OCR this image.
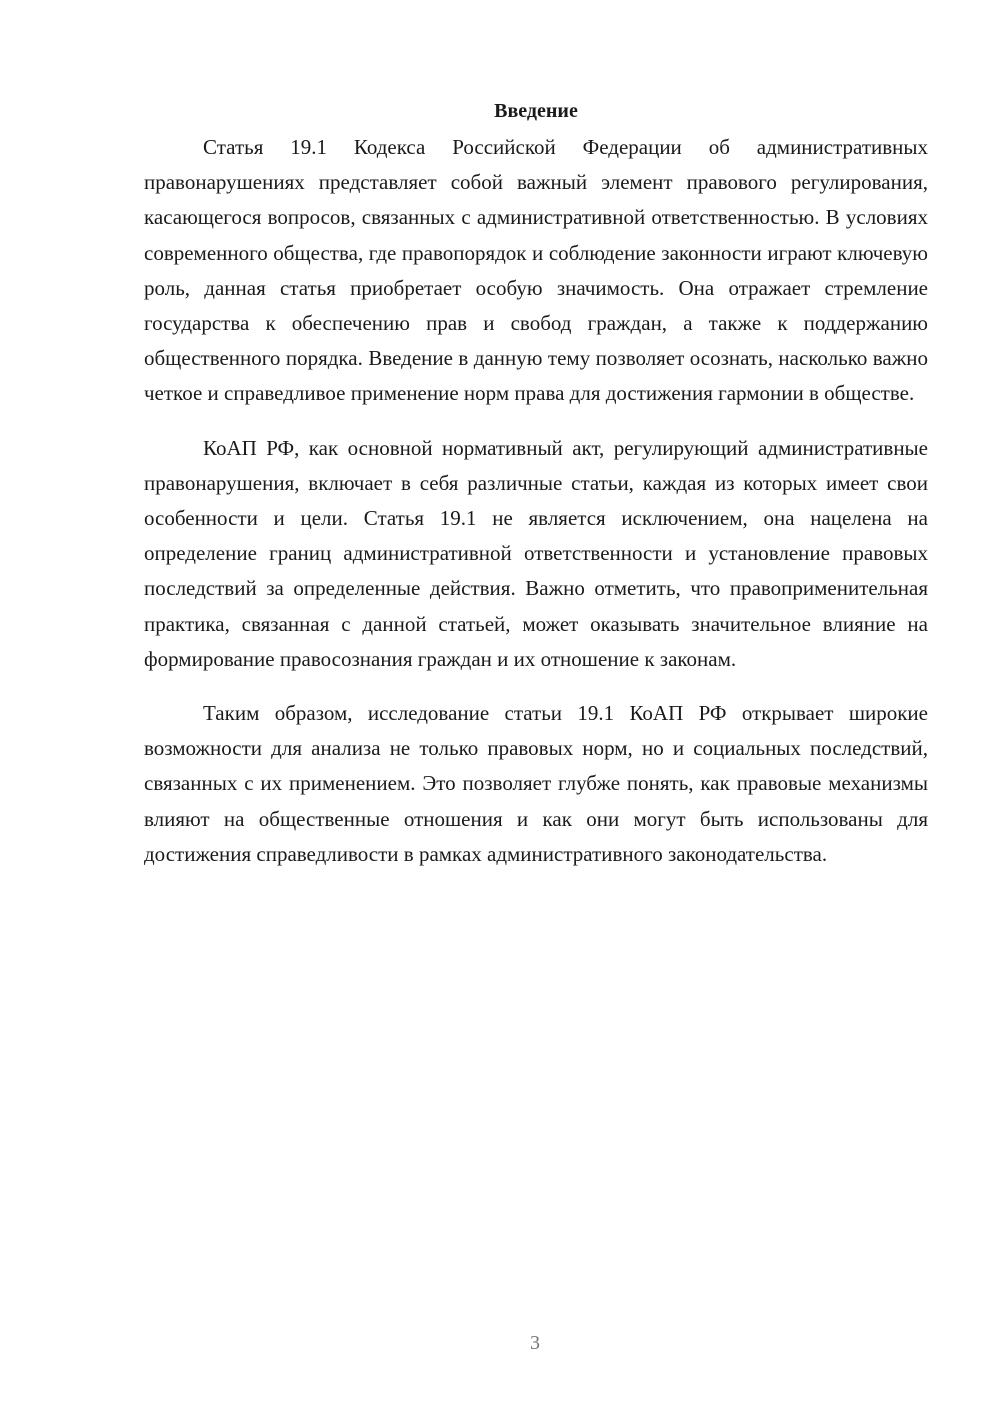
Введение

Статья 19.1 Кодекса Российской Федерации об административных правонарушениях представляет собой важный элемент правового регулирования, касающегося вопросов, связанных с административной ответственностью. В условиях современного общества, где правопорядок и соблюдение законности играют ключевую роль, данная статья приобретает особую значимость. Она отражает стремление государства к обеспечению прав и свобод граждан, а также к поддержанию общественного порядка. Введение в данную тему позволяет осознать, насколько важно четкое и справедливое применение норм права для достижения гармонии в обществе.

КоАП РФ, как основной нормативный акт, регулирующий административные правонарушения, включает в себя различные статьи, каждая из которых имеет свои особенности и цели. Статья 19.1 не является исключением, она нацелена на определение границ административной ответственности и установление правовых последствий за определенные действия. Важно отметить, что правоприменительная практика, связанная с данной статьей, может оказывать значительное влияние на формирование правосознания граждан и их отношение к законам.

Таким образом, исследование статьи 19.1 КоАП РФ открывает широкие возможности для анализа не только правовых норм, но и социальных последствий, связанных с их применением. Это позволяет глубже понять, как правовые механизмы влияют на общественные отношения и как они могут быть использованы для достижения справедливости в рамках административного законодательства.

3
